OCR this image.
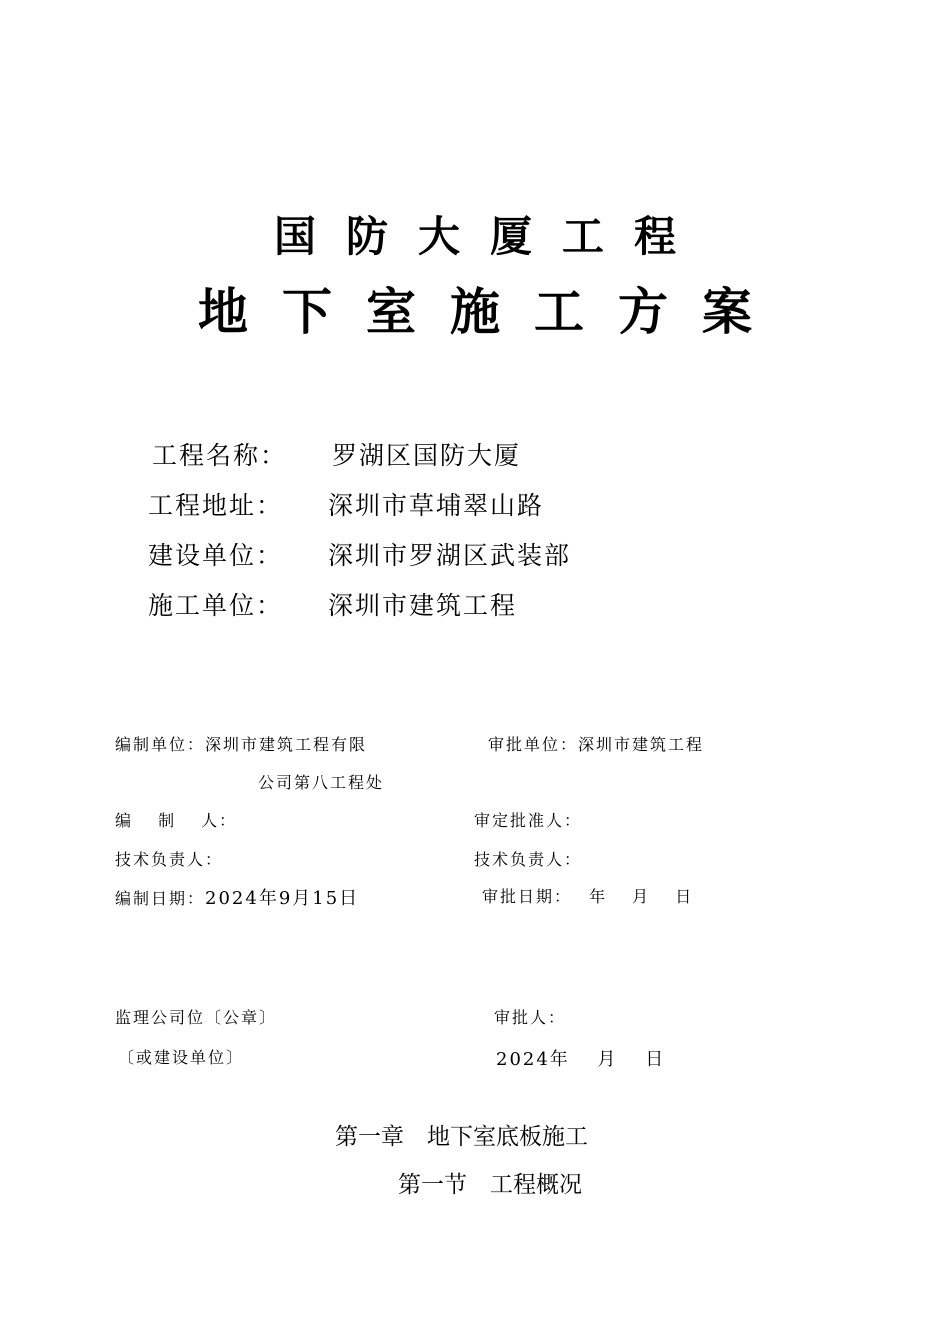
国防大厦工程
地下室施工方案
工程名称： 罗湖区国防大厦
工程地址： 深圳市草埔翠山路
建设单位： 深圳市罗湖区武装部
施工单位： 深圳市建筑工程
编制单位：深圳市建筑工程有限	审批单位：深圳市建筑工程
公司第八工程处
编　 制　 人：	审定批准人：
技术负责人：	技术负责人：
编制日期：2024年9月15日	审批日期：　 年　 月　 日
监理公司位〔公章〕	审批人：
〔或建设单位〕	2024年　 月　 日
第一章　地下室底板施工
第一节　工程概况
